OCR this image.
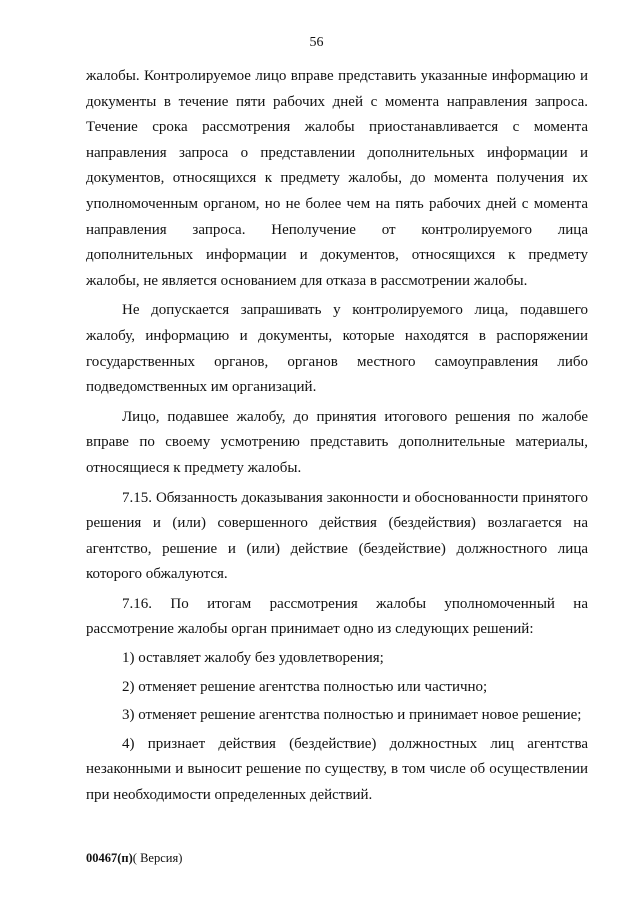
56

жалобы. Контролируемое лицо вправе представить указанные информацию и документы в течение пяти рабочих дней с момента направления запроса. Течение срока рассмотрения жалобы приостанавливается с момента направления запроса о представлении дополнительных информации и документов, относящихся к предмету жалобы, до момента получения их уполномоченным органом, но не более чем на пять рабочих дней с момента направления запроса. Неполучение от контролируемого лица дополнительных информации и документов, относящихся к предмету жалобы, не является основанием для отказа в рассмотрении жалобы.

Не допускается запрашивать у контролируемого лица, подавшего жалобу, информацию и документы, которые находятся в распоряжении государственных органов, органов местного самоуправления либо подведомственных им организаций.

Лицо, подавшее жалобу, до принятия итогового решения по жалобе вправе по своему усмотрению представить дополнительные материалы, относящиеся к предмету жалобы.

7.15. Обязанность доказывания законности и обоснованности принятого решения и (или) совершенного действия (бездействия) возлагается на агентство, решение и (или) действие (бездействие) должностного лица которого обжалуются.

7.16. По итогам рассмотрения жалобы уполномоченный на рассмотрение жалобы орган принимает одно из следующих решений:

1) оставляет жалобу без удовлетворения;

2) отменяет решение агентства полностью или частично;

3) отменяет решение агентства полностью и принимает новое решение;

4) признает действия (бездействие) должностных лиц агентства незаконными и выносит решение по существу, в том числе об осуществлении при необходимости определенных действий.

00467(п)( Версия)
